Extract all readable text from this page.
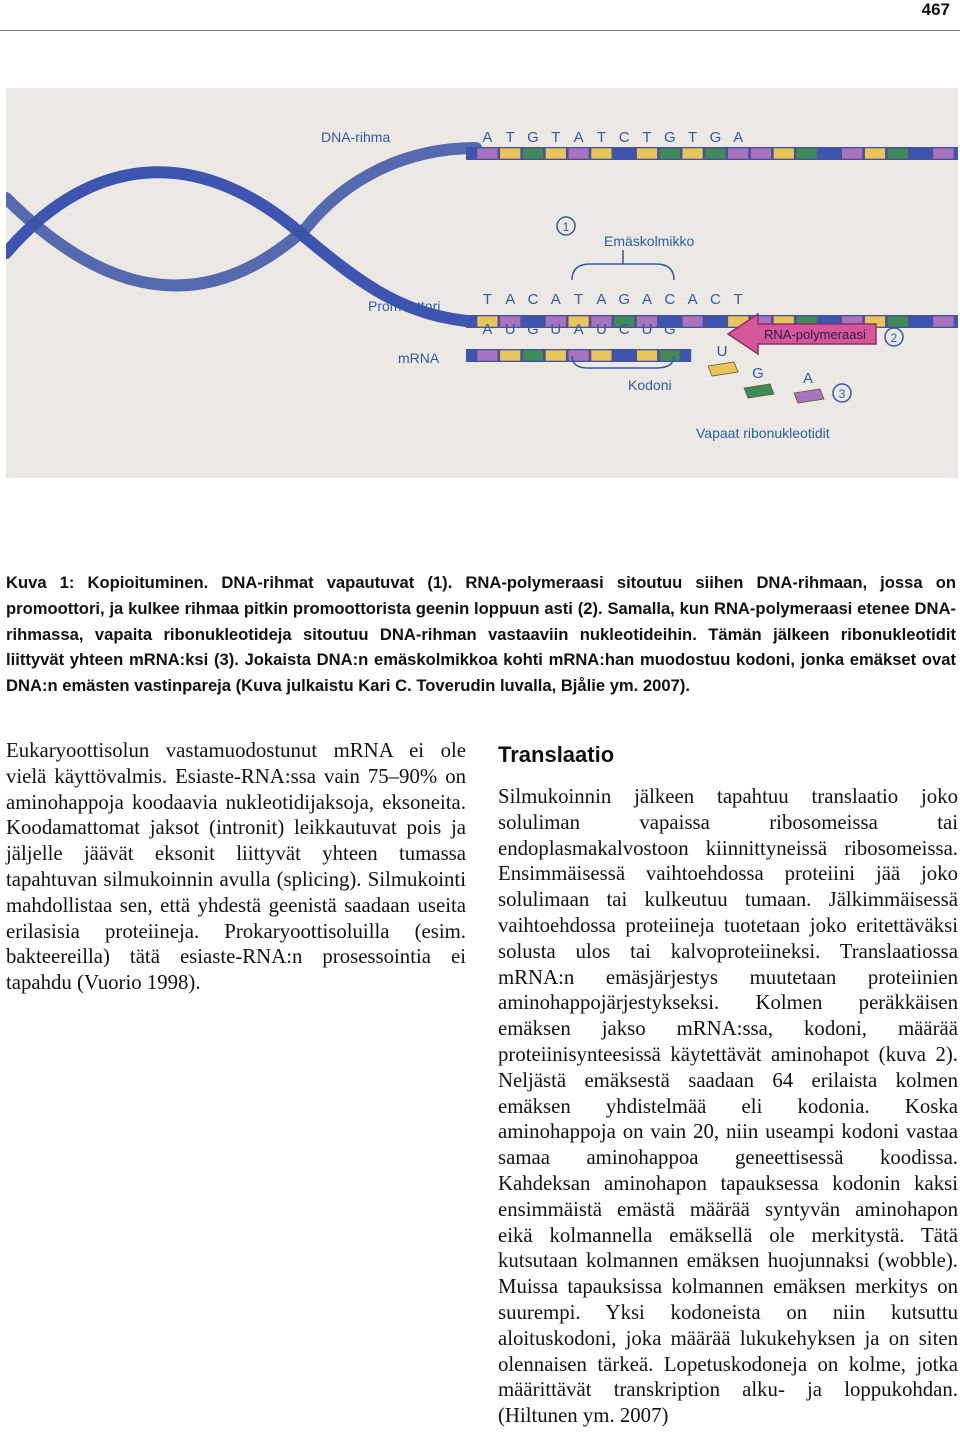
467
A T G T A T C T G T G A
T A C A T A G A C A C T
A U G U A U C U G
U
G	A
DNA-rihma
Promoottori
mRNA
Emäskolmikko
Kodoni
Vapaat ribonukleotidit
RNA-polymeraasi
1
2
3

Kuva 1: Kopioituminen. DNA-rihmat vapautuvat (1). RNA-polymeraasi sitoutuu siihen DNA-rihmaan, jossa on promoottori, ja kulkee rihmaa pitkin promoottorista geenin loppuun asti (2). Samalla, kun RNA-polymeraasi etenee DNA-rihmassa, vapaita ribonukleotideja sitoutuu DNA-rihman vastaaviin nukleotideihin. Tämän jälkeen ribonukleotidit liittyvät yhteen mRNA:ksi (3). Jokaista DNA:n emäskolmikkoa kohti mRNA:han muodostuu kodoni, jonka emäkset ovat DNA:n emästen vastinpareja (Kuva julkaistu Kari C. Toverudin luvalla, Bjålie ym. 2007).

Eukaryoottisolun vastamuodostunut mRNA ei ole vielä käyttövalmis. Esiaste-RNA:ssa vain 75–90% on aminohappoja koodaavia nukleotidijaksoja, eksoneita. Koodamattomat jaksot (intronit) leikkautuvat pois ja jäljelle jäävät eksonit liittyvät yhteen tumassa tapahtuvan silmukoinnin avulla (splicing). Silmukointi mahdollistaa sen, että yhdestä geenistä saadaan useita erilasisia proteiineja. Prokaryoottisoluilla (esim. bakteereilla) tätä esiaste-RNA:n prosessointia ei tapahdu (Vuorio 1998).

Translaatio

Silmukoinnin jälkeen tapahtuu translaatio joko soluliman vapaissa ribosomeissa tai endoplasmakalvostoon kiinnittyneissä ribosomeissa. Ensimmäisessä vaihtoehdossa proteiini jää joko solulimaan tai kulkeutuu tumaan. Jälkimmäisessä vaihtoehdossa proteiineja tuotetaan joko eritettäväksi solusta ulos tai kalvoproteiineksi. Translaatiossa mRNA:n emäsjärjestys muutetaan proteiinien aminohappojärjestykseksi. Kolmen peräkkäisen emäksen jakso mRNA:ssa, kodoni, määrää proteiinisynteesissä käytettävät aminohapot (kuva 2). Neljästä emäksestä saadaan 64 erilaista kolmen emäksen yhdistelmää eli kodonia. Koska aminohappoja on vain 20, niin useampi kodoni vastaa samaa aminohappoa geneettisessä koodissa. Kahdeksan aminohapon tapauksessa kodonin kaksi ensimmäistä emästä määrää syntyvän aminohapon eikä kolmannella emäksellä ole merkitystä. Tätä kutsutaan kolmannen emäksen huojunnaksi (wobble). Muissa tapauksissa kolmannen emäksen merkitys on suurempi. Yksi kodoneista on niin kutsuttu aloituskodoni, joka määrää lukukehyksen ja on siten olennaisen tärkeä. Lopetuskodoneja on kolme, jotka määrittävät transkription alku- ja loppukohdan. (Hiltunen ym. 2007)
